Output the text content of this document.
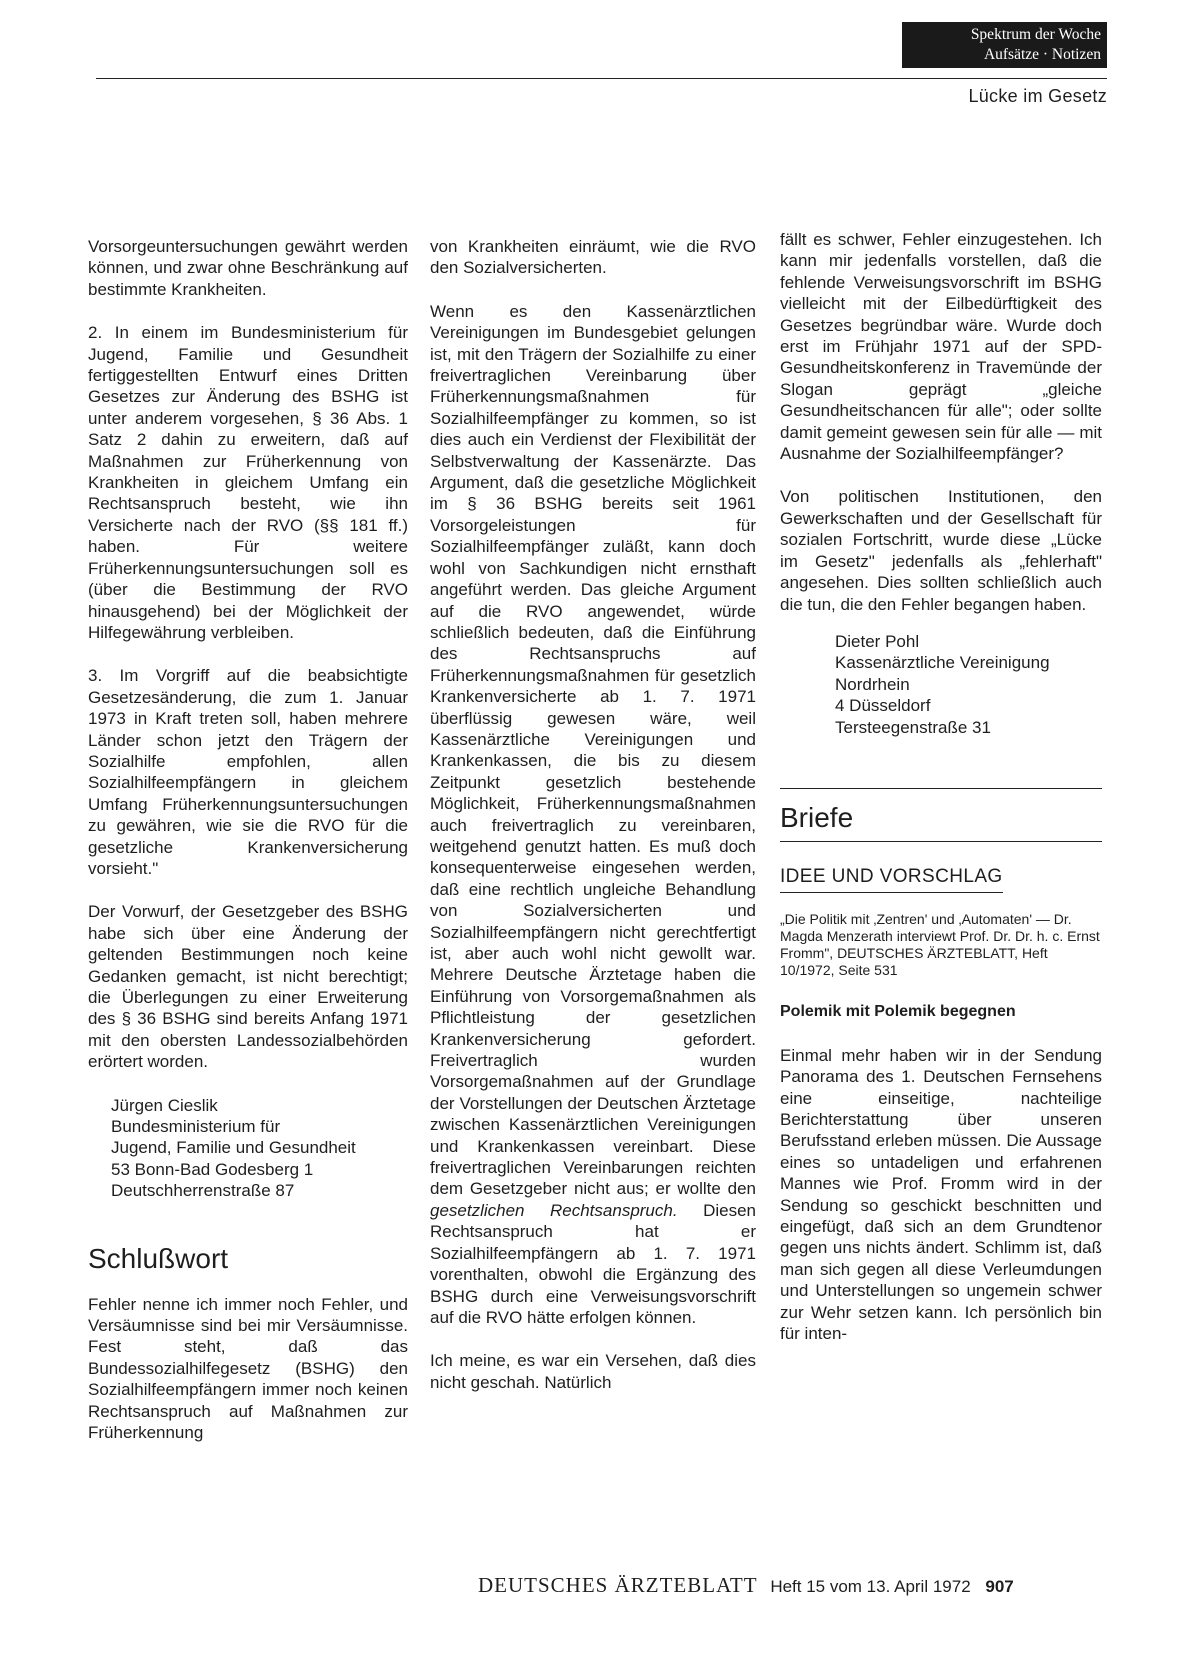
Spektrum der Woche
Aufsätze · Notizen
Lücke im Gesetz

Vorsorgeuntersuchungen gewährt werden können, und zwar ohne Beschränkung auf bestimmte Krankheiten.

2. In einem im Bundesministerium für Jugend, Familie und Gesundheit fertiggestellten Entwurf eines Dritten Gesetzes zur Änderung des BSHG ist unter anderem vorgesehen, § 36 Abs. 1 Satz 2 dahin zu erweitern, daß auf Maßnahmen zur Früherkennung von Krankheiten in gleichem Umfang ein Rechtsanspruch besteht, wie ihn Versicherte nach der RVO (§§ 181 ff.) haben. Für weitere Früherkennungsuntersuchungen soll es (über die Bestimmung der RVO hinausgehend) bei der Möglichkeit der Hilfegewährung verbleiben.

3. Im Vorgriff auf die beabsichtigte Gesetzesänderung, die zum 1. Januar 1973 in Kraft treten soll, haben mehrere Länder schon jetzt den Trägern der Sozialhilfe empfohlen, allen Sozialhilfeempfängern in gleichem Umfang Früherkennungsuntersuchungen zu gewähren, wie sie die RVO für die gesetzliche Krankenversicherung vorsieht."

Der Vorwurf, der Gesetzgeber des BSHG habe sich über eine Änderung der geltenden Bestimmungen noch keine Gedanken gemacht, ist nicht berechtigt; die Überlegungen zu einer Erweiterung des § 36 BSHG sind bereits Anfang 1971 mit den obersten Landessozialbehörden erörtert worden.

Jürgen Cieslik
Bundesministerium für
Jugend, Familie und Gesundheit
53 Bonn-Bad Godesberg 1
Deutschherrenstraße 87
Schlußwort

Fehler nenne ich immer noch Fehler, und Versäumnisse sind bei mir Versäumnisse. Fest steht, daß das Bundessozialhilfegesetz (BSHG) den Sozialhilfeempfängern immer noch keinen Rechtsanspruch auf Maßnahmen zur Früherkennung

von Krankheiten einräumt, wie die RVO den Sozialversicherten.

Wenn es den Kassenärztlichen Vereinigungen im Bundesgebiet gelungen ist, mit den Trägern der Sozialhilfe zu einer freivertraglichen Vereinbarung über Früherkennungsmaßnahmen für Sozialhilfeempfänger zu kommen, so ist dies auch ein Verdienst der Flexibilität der Selbstverwaltung der Kassenärzte. Das Argument, daß die gesetzliche Möglichkeit im § 36 BSHG bereits seit 1961 Vorsorgeleistungen für Sozialhilfeempfänger zuläßt, kann doch wohl von Sachkundigen nicht ernsthaft angeführt werden. Das gleiche Argument auf die RVO angewendet, würde schließlich bedeuten, daß die Einführung des Rechtsanspruchs auf Früherkennungsmaßnahmen für gesetzlich Krankenversicherte ab 1. 7. 1971 überflüssig gewesen wäre, weil Kassenärztliche Vereinigungen und Krankenkassen, die bis zu diesem Zeitpunkt gesetzlich bestehende Möglichkeit, Früherkennungsmaßnahmen auch freivertraglich zu vereinbaren, weitgehend genutzt hatten. Es muß doch konsequenterweise eingesehen werden, daß eine rechtlich ungleiche Behandlung von Sozialversicherten und Sozialhilfeempfängern nicht gerechtfertigt ist, aber auch wohl nicht gewollt war. Mehrere Deutsche Ärztetage haben die Einführung von Vorsorgemaßnahmen als Pflichtleistung der gesetzlichen Krankenversicherung gefordert. Freivertraglich wurden Vorsorgemaßnahmen auf der Grundlage der Vorstellungen der Deutschen Ärztetage zwischen Kassenärztlichen Vereinigungen und Krankenkassen vereinbart. Diese freivertraglichen Vereinbarungen reichten dem Gesetzgeber nicht aus; er wollte den gesetzlichen Rechtsanspruch. Diesen Rechtsanspruch hat er Sozialhilfeempfängern ab 1. 7. 1971 vorenthalten, obwohl die Ergänzung des BSHG durch eine Verweisungsvorschrift auf die RVO hätte erfolgen können.

Ich meine, es war ein Versehen, daß dies nicht geschah. Natürlich

fällt es schwer, Fehler einzugestehen. Ich kann mir jedenfalls vorstellen, daß die fehlende Verweisungsvorschrift im BSHG vielleicht mit der Eilbedürftigkeit des Gesetzes begründbar wäre. Wurde doch erst im Frühjahr 1971 auf der SPD-Gesundheitskonferenz in Travemünde der Slogan geprägt „gleiche Gesundheitschancen für alle"; oder sollte damit gemeint gewesen sein für alle — mit Ausnahme der Sozialhilfeempfänger?

Von politischen Institutionen, den Gewerkschaften und der Gesellschaft für sozialen Fortschritt, wurde diese „Lücke im Gesetz" jedenfalls als „fehlerhaft" angesehen. Dies sollten schließlich auch die tun, die den Fehler begangen haben.

Dieter Pohl
Kassenärztliche Vereinigung
Nordrhein
4 Düsseldorf
Tersteegenstraße 31
Briefe
IDEE UND VORSCHLAG

„Die Politik mit ‚Zentren' und ‚Automaten' — Dr. Magda Menzerath interviewt Prof. Dr. Dr. h. c. Ernst Fromm", DEUTSCHES ÄRZTEBLATT, Heft 10/1972, Seite 531

Polemik mit Polemik begegnen

Einmal mehr haben wir in der Sendung Panorama des 1. Deutschen Fernsehens eine einseitige, nachteilige Berichterstattung über unseren Berufsstand erleben müssen. Die Aussage eines so untadeligen und erfahrenen Mannes wie Prof. Fromm wird in der Sendung so geschickt beschnitten und eingefügt, daß sich an dem Grundtenor gegen uns nichts ändert. Schlimm ist, daß man sich gegen all diese Verleumdungen und Unterstellungen so ungemein schwer zur Wehr setzen kann. Ich persönlich bin für inten-

DEUTSCHES ÄRZTEBLATT Heft 15 vom 13. April 1972 907
